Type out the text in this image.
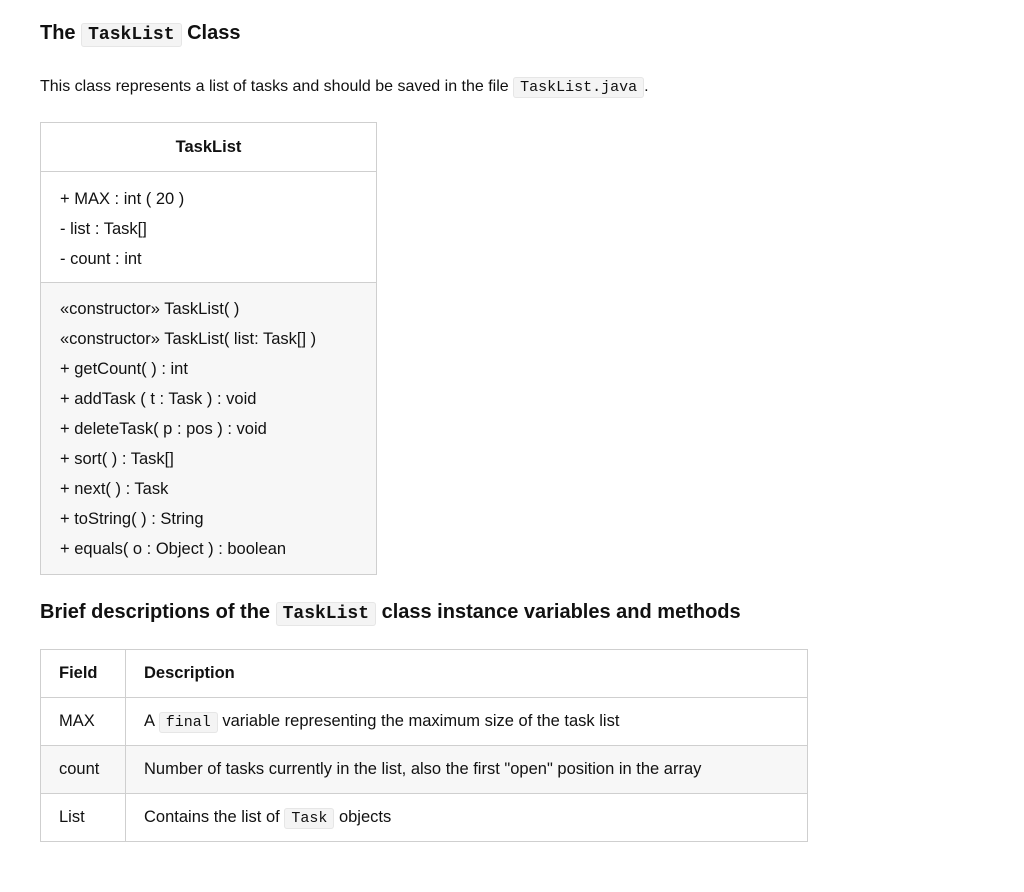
The TaskList Class

This class represents a list of tasks and should be saved in the file TaskList.java .

TaskList
+ MAX : int ( 20 )
- list : Task[]
- count : int
«constructor» TaskList( )
«constructor» TaskList( list: Task[] )
+ getCount( ) : int
+ addTask ( t : Task ) : void
+ deleteTask( p : pos ) : void
+ sort( ) : Task[]
+ next( ) : Task
+ toString( ) : String
+ equals( o : Object ) : boolean
Brief descriptions of the TaskList class instance variables and methods
Field	Description
MAX	A final variable representing the maximum size of the task list
count	Number of tasks currently in the list, also the first "open" position in the array
List	Contains the list of Task objects
